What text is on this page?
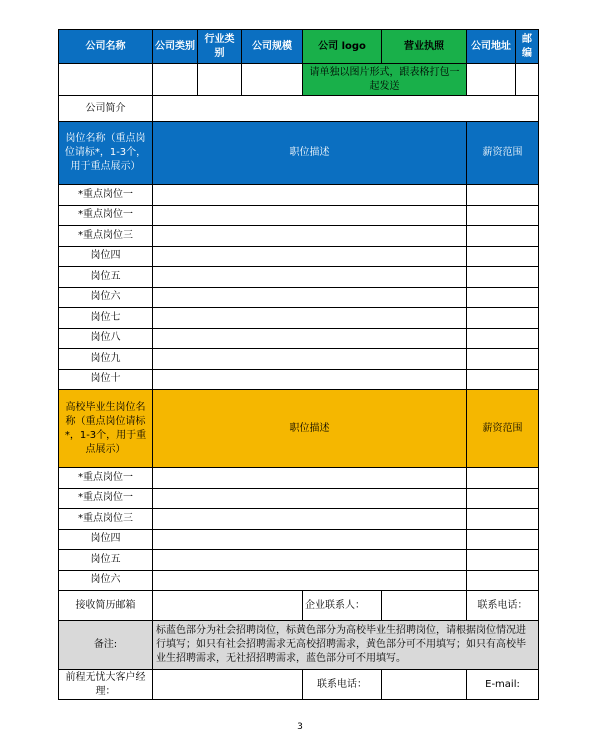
公司名称	公司类别	行业类别	公司规模	公司 logo	营业执照	公司地址	邮编
				请单独以图片形式，跟表格打包一起发送			
公司简介							
岗位名称（重点岗位请标*，1-3个，用于重点展示）	职位描述					薪资范围	
*重点岗位一							
*重点岗位一							
*重点岗位三							
岗位四							
岗位五							
岗位六							
岗位七							
岗位八							
岗位九							
岗位十							
高校毕业生岗位名称（重点岗位请标*，1-3个，用于重点展示）	职位描述					薪资范围	
*重点岗位一							
*重点岗位一							
*重点岗位三							
岗位四							
岗位五							
岗位六							
接收简历邮箱				企业联系人：		联系电话：	
备注:	标蓝色部分为社会招聘岗位，标黄色部分为高校毕业生招聘岗位，请根据岗位情况进行填写；如只有社会招聘需求无高校招聘需求，黄色部分可不用填写；如只有高校毕业生招聘需求，无社招招聘需求，蓝色部分可不用填写。						
前程无忧大客户经理：				联系电话：		E-mail:	
3
